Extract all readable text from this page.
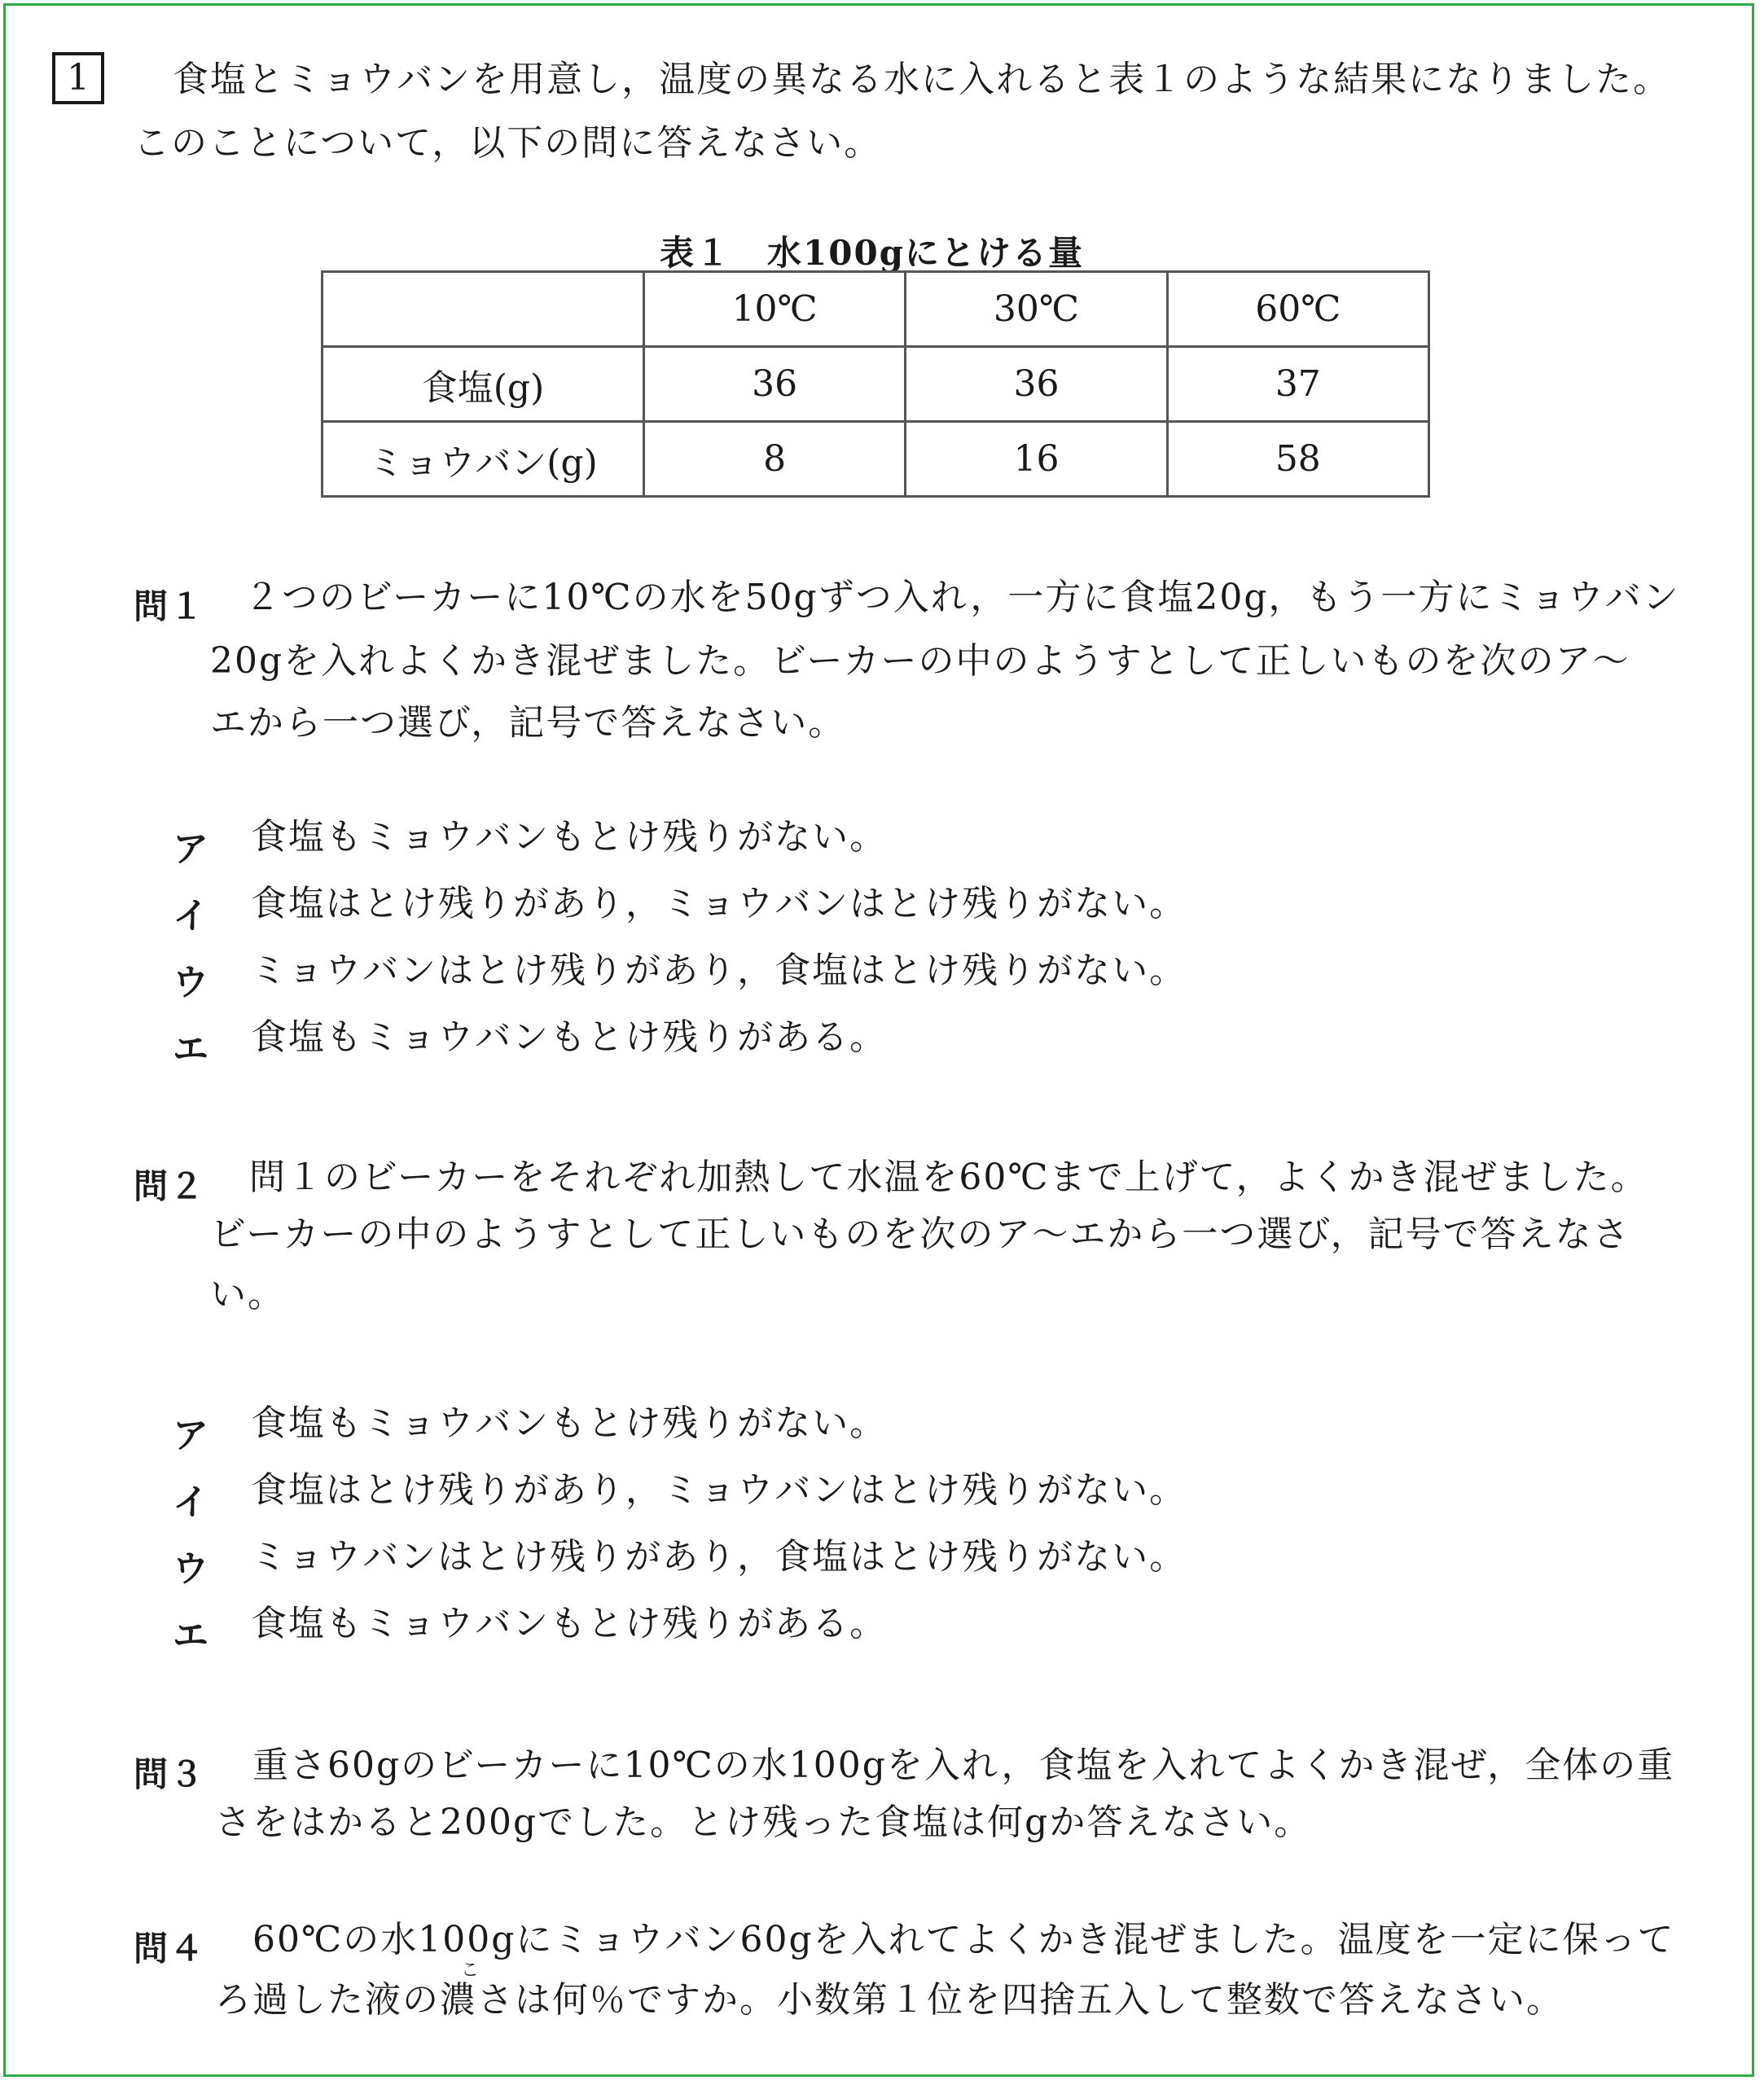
1	食塩とミョウバンを用意し，温度の異なる水に入れると表１のような結果になりました。
このことについて，以下の問に答えなさい。
表１　水100gにとける量
	10℃	30℃	60℃
食塩(g)	36	36	37
ミョウバン(g)	8	16	58
問１ ２つのビーカーに10℃の水を50gずつ入れ，一方に食塩20g，もう一方にミョウバン
20gを入れよくかき混ぜました。ビーカーの中のようすとして正しいものを次のア～
エから一つ選び，記号で答えなさい。
ア 食塩もミョウバンもとけ残りがない。
イ 食塩はとけ残りがあり，ミョウバンはとけ残りがない。
ウ ミョウバンはとけ残りがあり，食塩はとけ残りがない。
エ 食塩もミョウバンもとけ残りがある。
問２ 問１のビーカーをそれぞれ加熱して水温を60℃まで上げて，よくかき混ぜました。
ビーカーの中のようすとして正しいものを次のア～エから一つ選び，記号で答えなさ
い。
ア 食塩もミョウバンもとけ残りがない。
イ 食塩はとけ残りがあり，ミョウバンはとけ残りがない。
ウ ミョウバンはとけ残りがあり，食塩はとけ残りがない。
エ 食塩もミョウバンもとけ残りがある。
問３ 重さ60gのビーカーに10℃の水100gを入れ，食塩を入れてよくかき混ぜ，全体の重
さをはかると200gでした。とけ残った食塩は何gか答えなさい。
問４ 60℃の水100gにミョウバン60gを入れてよくかき混ぜました。温度を一定に保って
こ
ろ過した液の濃さは何％ですか。小数第１位を四捨五入して整数で答えなさい。
